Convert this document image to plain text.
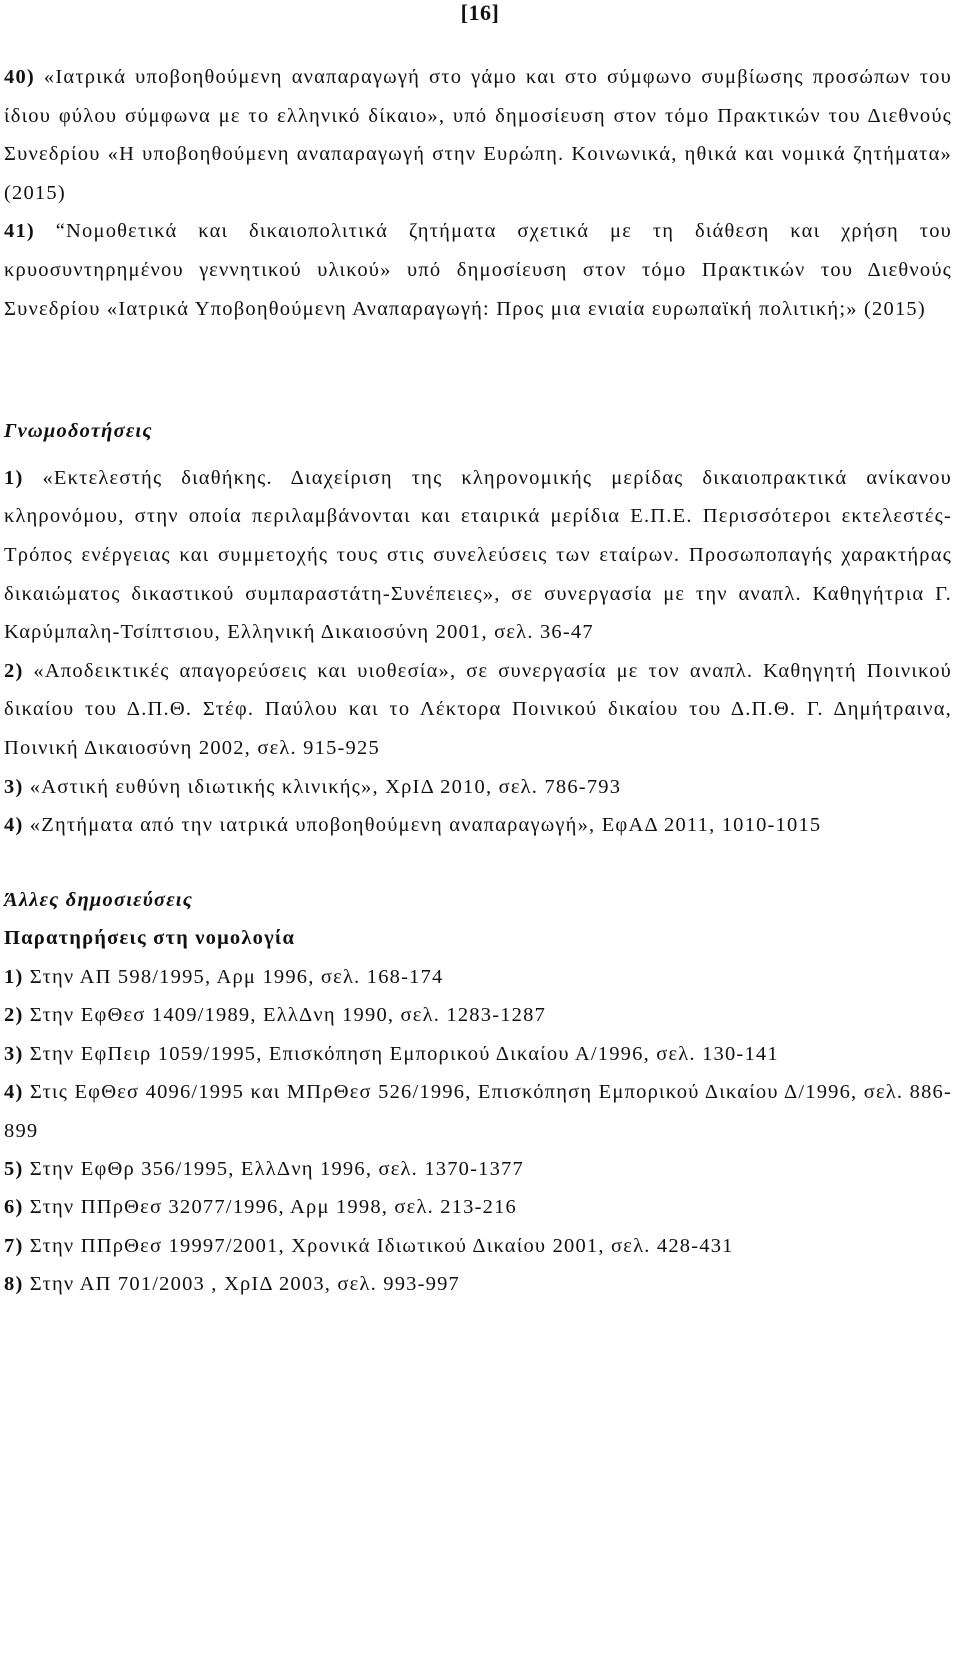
[16]

40) «Ιατρικά υποβοηθούμενη αναπαραγωγή στο γάμο και στο σύμφωνο συμβίωσης προσώπων του ίδιου φύλου σύμφωνα με το ελληνικό δίκαιο», υπό δημοσίευση στον τόμο Πρακτικών του Διεθνούς Συνεδρίου «Η υποβοηθούμενη αναπαραγωγή στην Ευρώπη. Κοινωνικά, ηθικά και νομικά ζητήματα» (2015)

41) “Νομοθετικά και δικαιοπολιτικά ζητήματα σχετικά με τη διάθεση και χρήση του κρυοσυντηρημένου γεννητικού υλικού» υπό δημοσίευση στον τόμο Πρακτικών του Διεθνούς Συνεδρίου «Ιατρικά Υποβοηθούμενη Αναπαραγωγή: Προς μια ενιαία ευρωπαϊκή πολιτική;» (2015)

Γνωμοδοτήσεις

1) «Εκτελεστής διαθήκης. Διαχείριση της κληρονομικής μερίδας δικαιοπρακτικά ανίκανου κληρονόμου, στην οποία περιλαμβάνονται και εταιρικά μερίδια Ε.Π.Ε. Περισσότεροι εκτελεστές-Τρόπος ενέργειας και συμμετοχής τους στις συνελεύσεις των εταίρων. Προσωποπαγής χαρακτήρας δικαιώματος δικαστικού συμπαραστάτη-Συνέπειες», σε συνεργασία με την αναπλ. Καθηγήτρια Γ. Καρύμπαλη-Τσίπτσιου, Ελληνική Δικαιοσύνη 2001, σελ. 36-47

2) «Αποδεικτικές απαγορεύσεις και υιοθεσία», σε συνεργασία με τον αναπλ. Καθηγητή Ποινικού δικαίου του Δ.Π.Θ. Στέφ. Παύλου και το Λέκτορα Ποινικού δικαίου του Δ.Π.Θ. Γ. Δημήτραινα, Ποινική Δικαιοσύνη 2002, σελ. 915-925

3) «Αστική ευθύνη ιδιωτικής κλινικής», ΧρΙΔ 2010, σελ. 786-793

4) «Ζητήματα από την ιατρικά υποβοηθούμενη αναπαραγωγή», ΕφΑΔ 2011, 1010-1015

Άλλες δημοσιεύσεις

Παρατηρήσεις στη νομολογία

1) Στην ΑΠ 598/1995, Αρμ 1996, σελ. 168-174

2) Στην ΕφΘεσ 1409/1989, ΕλλΔνη 1990, σελ. 1283-1287

3) Στην ΕφΠειρ 1059/1995, Επισκόπηση Εμπορικού Δικαίου Α/1996, σελ. 130-141

4) Στις ΕφΘεσ 4096/1995 και ΜΠρΘεσ 526/1996, Επισκόπηση Εμπορικού Δικαίου Δ/1996, σελ. 886-899

5) Στην ΕφΘρ 356/1995, ΕλλΔνη 1996, σελ. 1370-1377

6) Στην ΠΠρΘεσ 32077/1996, Αρμ 1998, σελ. 213-216

7) Στην ΠΠρΘεσ 19997/2001, Χρονικά Ιδιωτικού Δικαίου 2001, σελ. 428-431

8) Στην ΑΠ 701/2003 , ΧρΙΔ 2003, σελ. 993-997
